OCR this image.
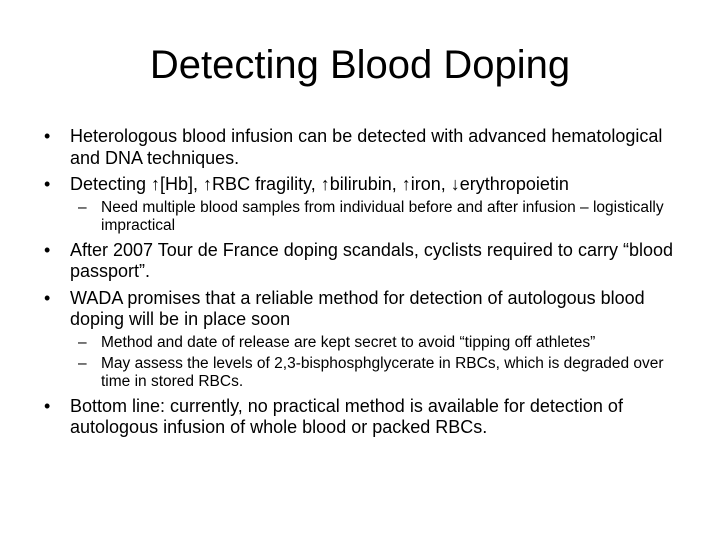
Detecting Blood Doping
• Heterologous blood infusion can be detected with advanced hematological and DNA techniques.
• Detecting ↑[Hb], ↑RBC fragility, ↑bilirubin, ↑iron, ↓erythropoietin
– Need multiple blood samples from individual before and after infusion – logistically impractical
• After 2007 Tour de France doping scandals, cyclists required to carry “blood passport”.
• WADA promises that a reliable method for detection of autologous blood doping will be in place soon
– Method and date of release are kept secret to avoid “tipping off athletes”
– May assess the levels of 2,3-bisphosphglycerate in RBCs, which is degraded over time in stored RBCs.
• Bottom line: currently, no practical method is available for detection of autologous infusion of whole blood or packed RBCs.
